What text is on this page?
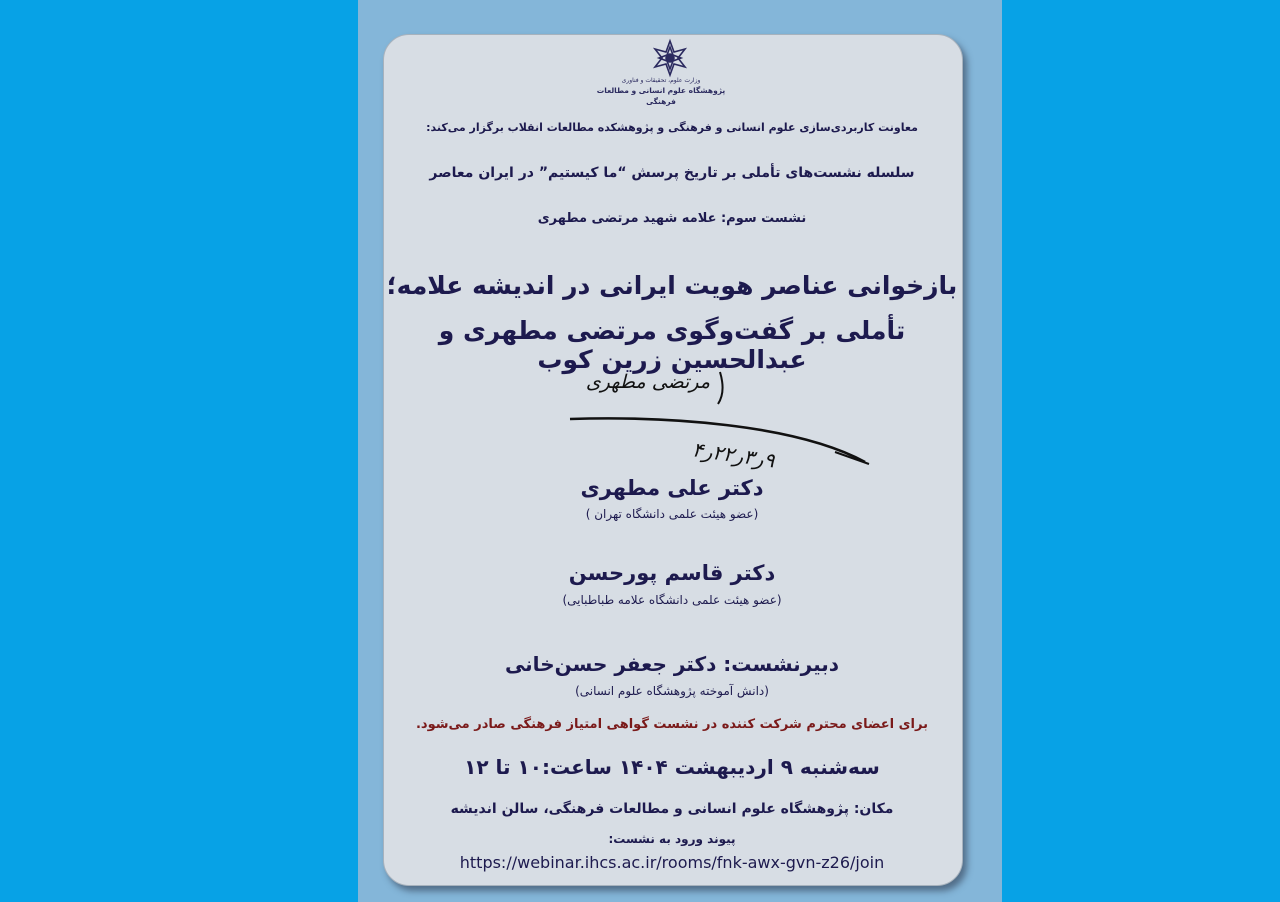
وزارت علوم، تحقیقات و فناوری
پژوهشگاه علوم انسانی و مطالعات فرهنگی
معاونت کاربردی‌سازی علوم انسانی و فرهنگی و پژوهشکده مطالعات انقلاب برگزار می‌کند:
سلسله نشست‌های تأملی بر تاریخ پرسش “ما کیستیم” در ایران معاصر
نشست سوم: علامه شهید مرتضی مطهری
بازخوانی عناصر هویت ایرانی در اندیشه علامه؛
تأملی بر گفت‌وگوی مرتضی مطهری و عبدالحسین زرین کوب
مرتضی مطهری
۹ر۳ر۲۲ر۴
دکتر علی مطهری
(عضو هیئت علمی دانشگاه تهران )
دکتر قاسم پورحسن
(عضو هیئت علمی دانشگاه علامه طباطبایی)
دبیرنشست: دکتر جعفر حسن‌خانی
(دانش آموخته پژوهشگاه علوم انسانی)
برای اعضای محترم شرکت کننده در نشست گواهی امتیاز فرهنگی صادر می‌شود.
سه‌شنبه ۹ اردیبهشت ۱۴۰۴ ساعت:۱۰ تا ۱۲
مکان: پژوهشگاه علوم انسانی و مطالعات فرهنگی، سالن اندیشه
پیوند ورود به نشست:
https://webinar.ihcs.ac.ir/rooms/fnk-awx-gvn-z26/join
